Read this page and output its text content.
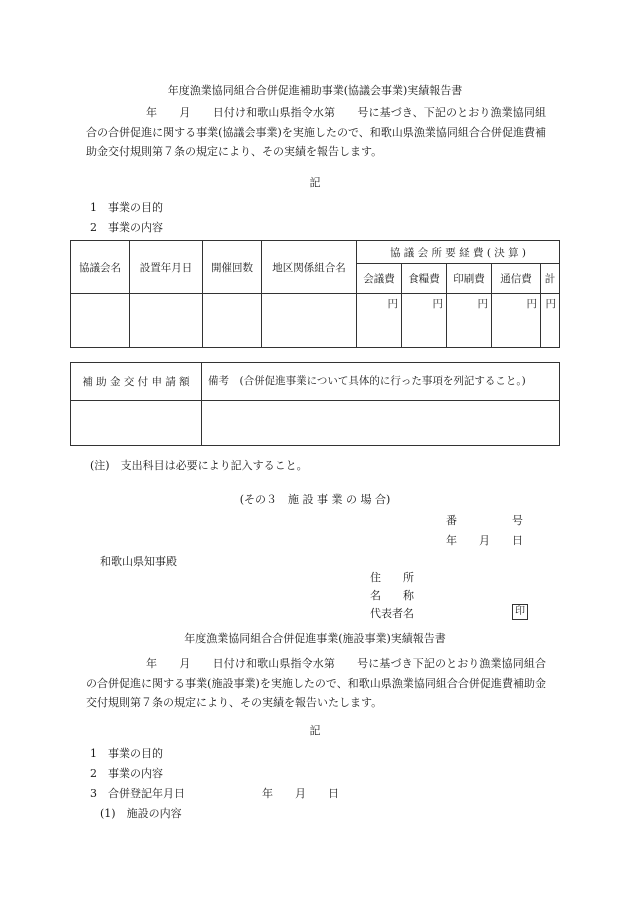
年度漁業協同組合合併促進補助事業(協議会事業)実績報告書
年　　月　　日付け和歌山県指令水第　　号に基づき、下記のとおり漁業協同組合の合併促進に関する事業(協議会事業)を実施したので、和歌山県漁業協同組合合併促進費補助金交付規則第７条の規定により、その実績を報告します。
記
1　事業の目的
2　事業の内容
協議会名	設置年月日	開催回数	地区関係組合名	協 議 会 所 要 経 費 ( 決 算 )				
				会議費	食糧費	印刷費	通信費	計
				円	円	円	円	円
補 助 金 交 付 申 請 額	備考　(合併促進事業について具体的に行った事項を列記すること。)

(注)　支出科目は必要により記入すること。
(その３　施 設 事 業 の 場 合)
番　　　　　号
年　　月　　日
和歌山県知事殿
住　　所
名　　称
代表者名	印
年度漁業協同組合合併促進事業(施設事業)実績報告書
年　　月　　日付け和歌山県指令水第　　号に基づき下記のとおり漁業協同組合の合併促進に関する事業(施設事業)を実施したので、和歌山県漁業協同組合合併促進費補助金交付規則第７条の規定により、その実績を報告いたします。
記
1　事業の目的
2　事業の内容
3　合併登記年月日	年　　月　　日
(1)　施設の内容
